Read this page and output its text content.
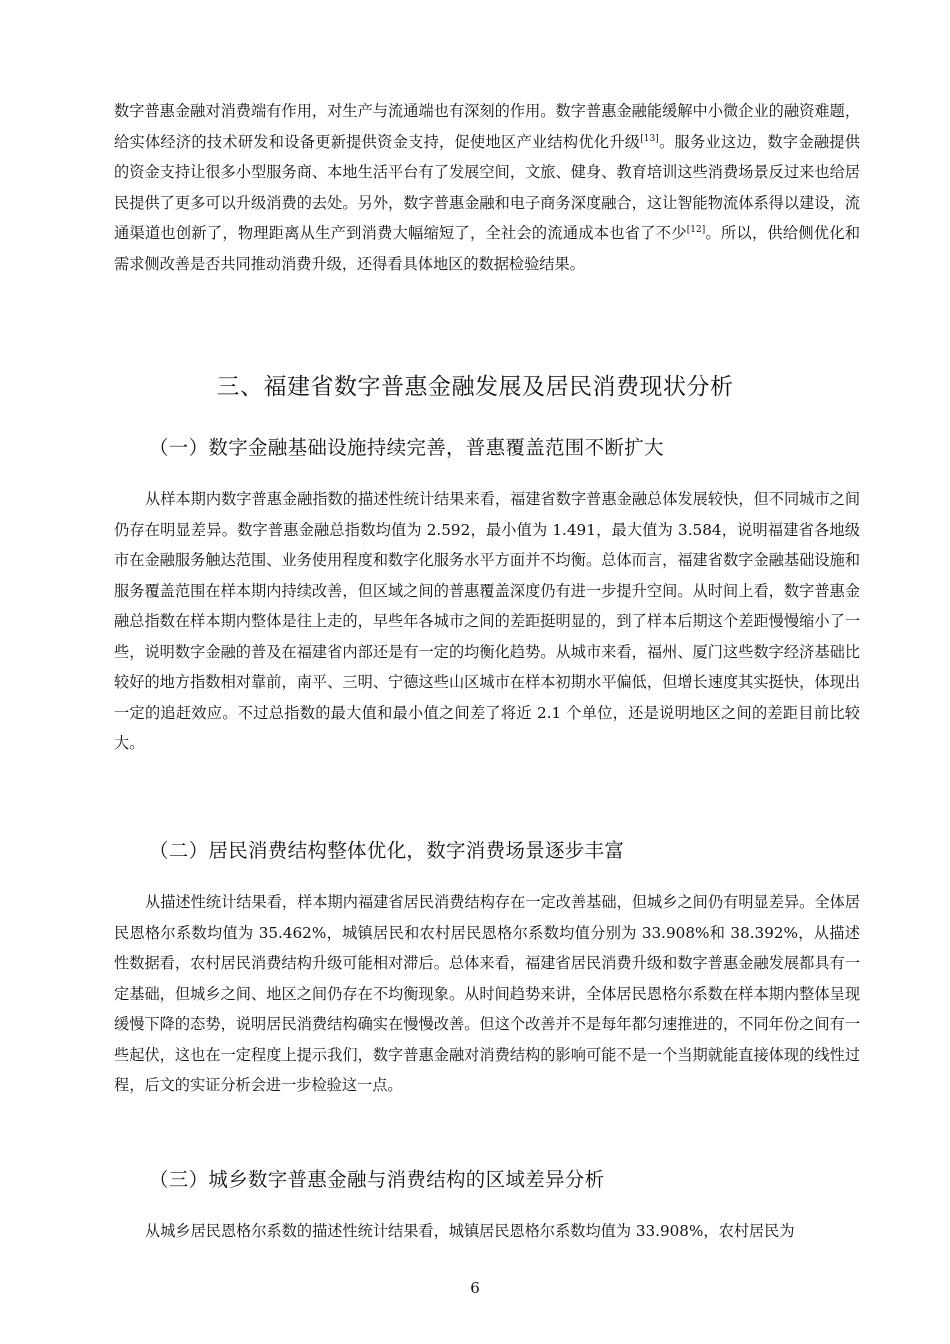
数字普惠金融对消费端有作用，对生产与流通端也有深刻的作用。数字普惠金融能缓解中小微企业的融资难题，给实体经济的技术研发和设备更新提供资金支持，促使地区产业结构优化升级[13]。服务业这边，数字金融提供的资金支持让很多小型服务商、本地生活平台有了发展空间，文旅、健身、教育培训这些消费场景反过来也给居民提供了更多可以升级消费的去处。另外，数字普惠金融和电子商务深度融合，这让智能物流体系得以建设，流通渠道也创新了，物理距离从生产到消费大幅缩短了，全社会的流通成本也省了不少[12]。所以，供给侧优化和需求侧改善是否共同推动消费升级，还得看具体地区的数据检验结果。

三、福建省数字普惠金融发展及居民消费现状分析
（一）数字金融基础设施持续完善，普惠覆盖范围不断扩大

从样本期内数字普惠金融指数的描述性统计结果来看，福建省数字普惠金融总体发展较快，但不同城市之间仍存在明显差异。数字普惠金融总指数均值为 2.592，最小值为 1.491，最大值为 3.584，说明福建省各地级市在金融服务触达范围、业务使用程度和数字化服务水平方面并不均衡。总体而言，福建省数字金融基础设施和服务覆盖范围在样本期内持续改善，但区域之间的普惠覆盖深度仍有进一步提升空间。从时间上看，数字普惠金融总指数在样本期内整体是往上走的，早些年各城市之间的差距挺明显的，到了样本后期这个差距慢慢缩小了一些，说明数字金融的普及在福建省内部还是有一定的均衡化趋势。从城市来看，福州、厦门这些数字经济基础比较好的地方指数相对靠前，南平、三明、宁德这些山区城市在样本初期水平偏低，但增长速度其实挺快，体现出一定的追赶效应。不过总指数的最大值和最小值之间差了将近 2.1 个单位，还是说明地区之间的差距目前比较大。

（二）居民消费结构整体优化，数字消费场景逐步丰富

从描述性统计结果看，样本期内福建省居民消费结构存在一定改善基础，但城乡之间仍有明显差异。全体居民恩格尔系数均值为 35.462%，城镇居民和农村居民恩格尔系数均值分别为 33.908%和 38.392%，从描述性数据看，农村居民消费结构升级可能相对滞后。总体来看，福建省居民消费升级和数字普惠金融发展都具有一定基础，但城乡之间、地区之间仍存在不均衡现象。从时间趋势来讲，全体居民恩格尔系数在样本期内整体呈现缓慢下降的态势，说明居民消费结构确实在慢慢改善。但这个改善并不是每年都匀速推进的，不同年份之间有一些起伏，这也在一定程度上提示我们，数字普惠金融对消费结构的影响可能不是一个当期就能直接体现的线性过程，后文的实证分析会进一步检验这一点。

（三）城乡数字普惠金融与消费结构的区域差异分析

从城乡居民恩格尔系数的描述性统计结果看，城镇居民恩格尔系数均值为 33.908%，农村居民为

6
